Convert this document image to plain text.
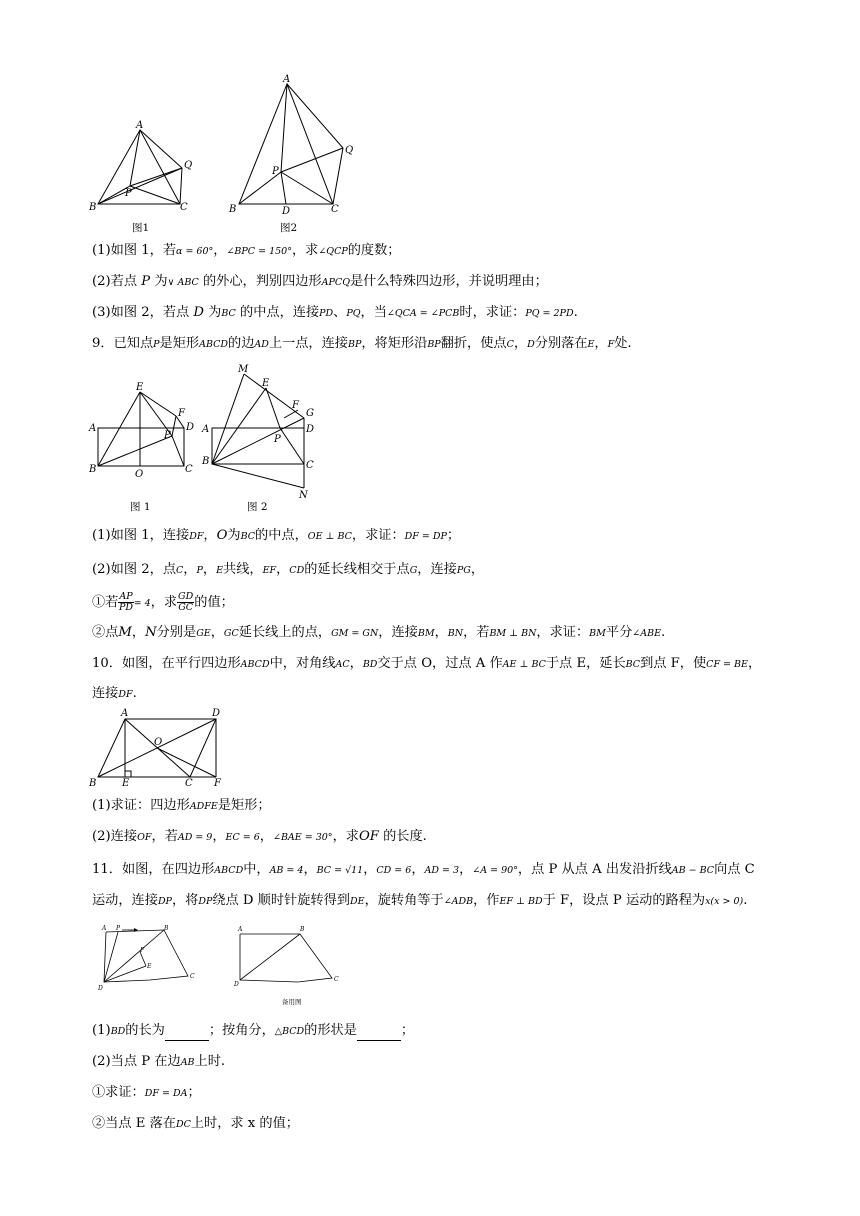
A
B	C
P
Q
图1
A
B	C
D
P
Q
图2
(1)如图 1，若α = 60°，∠BPC = 150°，求∠QCP的度数；
(2)若点 P 为∨ ABC 的外心，判别四边形APCQ是什么特殊四边形，并说明理由；
(3)如图 2，若点 D 为BC 的中点，连接PD、PQ，当∠QCA = ∠PCB时，求证：PQ = 2PD.
9．已知点P是矩形ABCD的边AD上一点，连接BP，将矩形沿BP翻折，使点C，D分别落在E，F处.
E
A
B	C
D
F
O
P
图 1
M
E
F
G
A	D
P
B	C
N
图 2
(1)如图 1，连接DF，O为BC的中点，OE ⊥ BC，求证：DF = DP；
(2)如图 2，点C，P，E共线，EF，CD的延长线相交于点G，连接PG，
①若 $\frac{AP}{PD} = 4$，求 $\frac{GD}{GC}$ 的值；
②点M，N分别是GE，GC延长线上的点，GM = GN，连接BM，BN，若BM ⊥ BN，求证：BM平分∠ABE.
10．如图，在平行四边形ABCD中，对角线AC，BD交于点 O，过点 A 作AE ⊥ BC于点 E，延长BC到点 F，使CF = BE，
连接DF.
A	D
O
B	E	C F
(1)求证：四边形ADFE是矩形；
(2)连接OF，若AD = 9，EC = 6，∠BAE = 30°，求OF 的长度.
11．如图，在四边形ABCD中，AB = 4，BC = √11，CD = 6，AD = 3，∠A = 90°，点 P 从点 A 出发沿折线AB − BC向点 C
运动，连接DP，将DP绕点 D 顺时针旋转得到DE，旋转角等于∠ADB，作EF ⊥ BD于 F，设点 P 运动的路程为x(x > 0).
A P	B
F
E
C
D
A	B
C
D
备用图
(1)BD的长为	；按角分，△BCD的形状是	；
(2)当点 P 在边AB上时.
①求证：DF = DA；
②当点 E 落在DC上时，求 x 的值；
